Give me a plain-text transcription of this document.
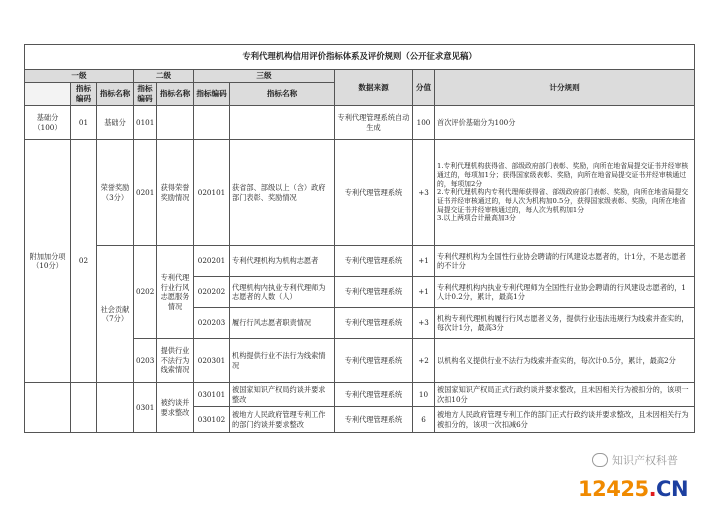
专利代理机构信用评价指标体系及评价规则（公开征求意见稿）									
一级			二级		三级		数据来源	分值	计分规则
	指标编码	指标名称	指标编码	指标名称	指标编码	指标名称			
基础分（100）	01	基础分	0101				专利代理管理系统自动生成	100	首次评价基础分为100分
附加加分项（10分）	02	荣誉奖励（3分）	0201	获得荣誉奖励情况	020101	获省部、部级以上（含）政府部门表彰、奖励情况	专利代理管理系统	+3	1.专利代理机构获得省、部级政府部门表彰、奖励，向所在地省局提交证书并经审核通过的，每项加1分；获得国家级表彰、奖励，向所在地省局提交证书并经审核通过的，每项加2分
2.专利代理机构内专利代理师获得省、部级政府部门表彰、奖励，向所在地省局提交证书并经审核通过的，每人次为机构加0.5分，获得国家级表彰、奖励，向所在地省局提交证书并经审核通过的，每人次为机构加1分
3.以上两项合计最高加3分
		社会贡献（7分）	0202	专利代理行业行风志愿服务情况	020201	专利代理机构为机构志愿者	专利代理管理系统	+1	专利代理机构为全国性行业协会聘请的行风建设志愿者的，计1分，不是志愿者的不计分
					020202	代理机构内执业专利代理师为志愿者的人数（人）	专利代理管理系统	+1	专利代理机构内执业专利代理师为全国性行业协会聘请的行风建设志愿者的，1人计0.2分，累计，最高1分
					020203	履行行风志愿者职责情况	专利代理管理系统	+3	机构专利代理机构履行行风志愿者义务，提供行业违法违规行为线索并查实的，每次计1分，最高3分
			0203	提供行业不法行为线索情况	020301	机构提供行业不法行为线索情况	专利代理管理系统	+2	以机构名义提供行业不法行为线索并查实的，每次计0.5分，累计，最高2分
			0301	被约谈并要求整改	030101	被国家知识产权局约谈并要求整改	专利代理管理系统	10	被国家知识产权局正式行政约谈并要求整改，且未因相关行为被扣分的，该项一次扣10分
					030102	被地方人民政府管理专利工作的部门约谈并要求整改	专利代理管理系统	6	被地方人民政府管理专利工作的部门正式行政约谈并要求整改，且未因相关行为被扣分的，该项一次扣减6分
知识产权科普
12425.CN
